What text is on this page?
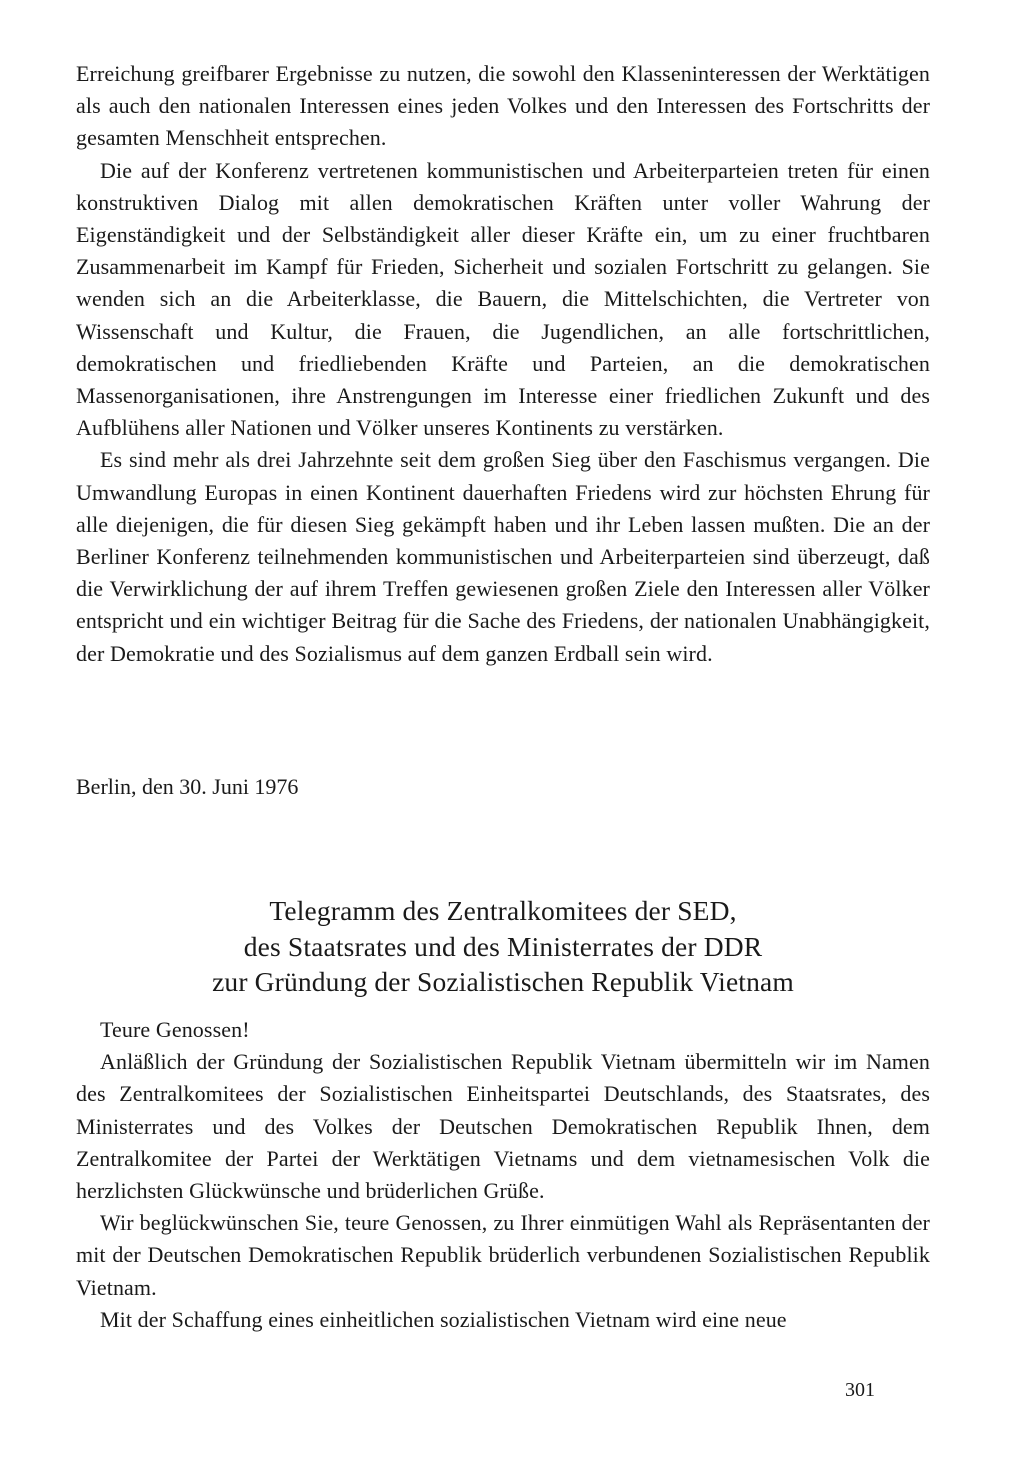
Erreichung greifbarer Ergebnisse zu nutzen, die sowohl den Klasseninteressen der Werktätigen als auch den nationalen Interessen eines jeden Volkes und den Interessen des Fortschritts der gesamten Menschheit entsprechen.

Die auf der Konferenz vertretenen kommunistischen und Arbeiterparteien treten für einen konstruktiven Dialog mit allen demokratischen Kräften unter voller Wahrung der Eigenständigkeit und der Selbständigkeit aller dieser Kräfte ein, um zu einer fruchtbaren Zusammenarbeit im Kampf für Frieden, Sicherheit und sozialen Fortschritt zu gelangen. Sie wenden sich an die Arbeiterklasse, die Bauern, die Mittelschichten, die Vertreter von Wissenschaft und Kultur, die Frauen, die Jugendlichen, an alle fortschrittlichen, demokratischen und friedliebenden Kräfte und Parteien, an die demokratischen Massenorganisationen, ihre Anstrengungen im Interesse einer friedlichen Zukunft und des Aufblühens aller Nationen und Völker unseres Kontinents zu verstärken.

Es sind mehr als drei Jahrzehnte seit dem großen Sieg über den Faschismus vergangen. Die Umwandlung Europas in einen Kontinent dauerhaften Friedens wird zur höchsten Ehrung für alle diejenigen, die für diesen Sieg gekämpft haben und ihr Leben lassen mußten. Die an der Berliner Konferenz teilnehmenden kommunistischen und Arbeiterparteien sind überzeugt, daß die Verwirklichung der auf ihrem Treffen gewiesenen großen Ziele den Interessen aller Völker entspricht und ein wichtiger Beitrag für die Sache des Friedens, der nationalen Unabhängigkeit, der Demokratie und des Sozialismus auf dem ganzen Erdball sein wird.

Berlin, den 30. Juni 1976

Telegramm des Zentralkomitees der SED,
des Staatsrates und des Ministerrates der DDR
zur Gründung der Sozialistischen Republik Vietnam

Teure Genossen!

Anläßlich der Gründung der Sozialistischen Republik Vietnam übermitteln wir im Namen des Zentralkomitees der Sozialistischen Einheitspartei Deutschlands, des Staatsrates, des Ministerrates und des Volkes der Deutschen Demokratischen Republik Ihnen, dem Zentralkomitee der Partei der Werktätigen Vietnams und dem vietnamesischen Volk die herzlichsten Glückwünsche und brüderlichen Grüße.

Wir beglückwünschen Sie, teure Genossen, zu Ihrer einmütigen Wahl als Repräsentanten der mit der Deutschen Demokratischen Republik brüderlich verbundenen Sozialistischen Republik Vietnam.

Mit der Schaffung eines einheitlichen sozialistischen Vietnam wird eine neue

301
